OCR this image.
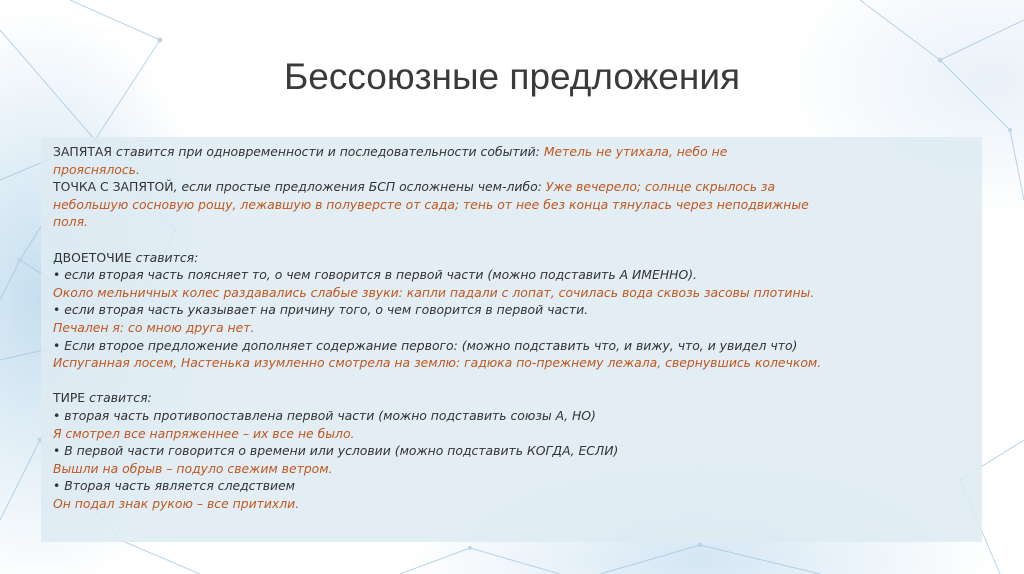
Бессоюзные предложения
ЗАПЯТАЯ ставится при одновременности и последовательности событий: Метель не утихала, небо не
прояснялось.
ТОЧКА С ЗАПЯТОЙ, если простые предложения БСП осложнены чем-либо: Уже вечерело; солнце скрылось за
небольшую сосновую рощу, лежавшую в полуверсте от сада; тень от нее без конца тянулась через неподвижные
поля.
ДВОЕТОЧИЕ ставится:
• если вторая часть поясняет то, о чем говорится в первой части (можно подставить А ИМЕННО).
Около мельничных колес раздавались слабые звуки: капли падали с лопат, сочилась вода сквозь засовы плотины.
• если вторая часть указывает на причину того, о чем говорится в первой части.
Печален я: со мною друга нет.
• Если второе предложение дополняет содержание первого: (можно подставить что, и вижу, что, и увидел что)
Испуганная лосем, Настенька изумленно смотрела на землю: гадюка по-прежнему лежала, свернувшись колечком.
ТИРЕ ставится:
• вторая часть противопоставлена первой части (можно подставить союзы А, НО)
Я смотрел все напряженнее – их все не было.
• В первой части говорится о времени или условии (можно подставить КОГДА, ЕСЛИ)
Вышли на обрыв – подуло свежим ветром.
• Вторая часть является следствием
Он подал знак рукою – все притихли.
